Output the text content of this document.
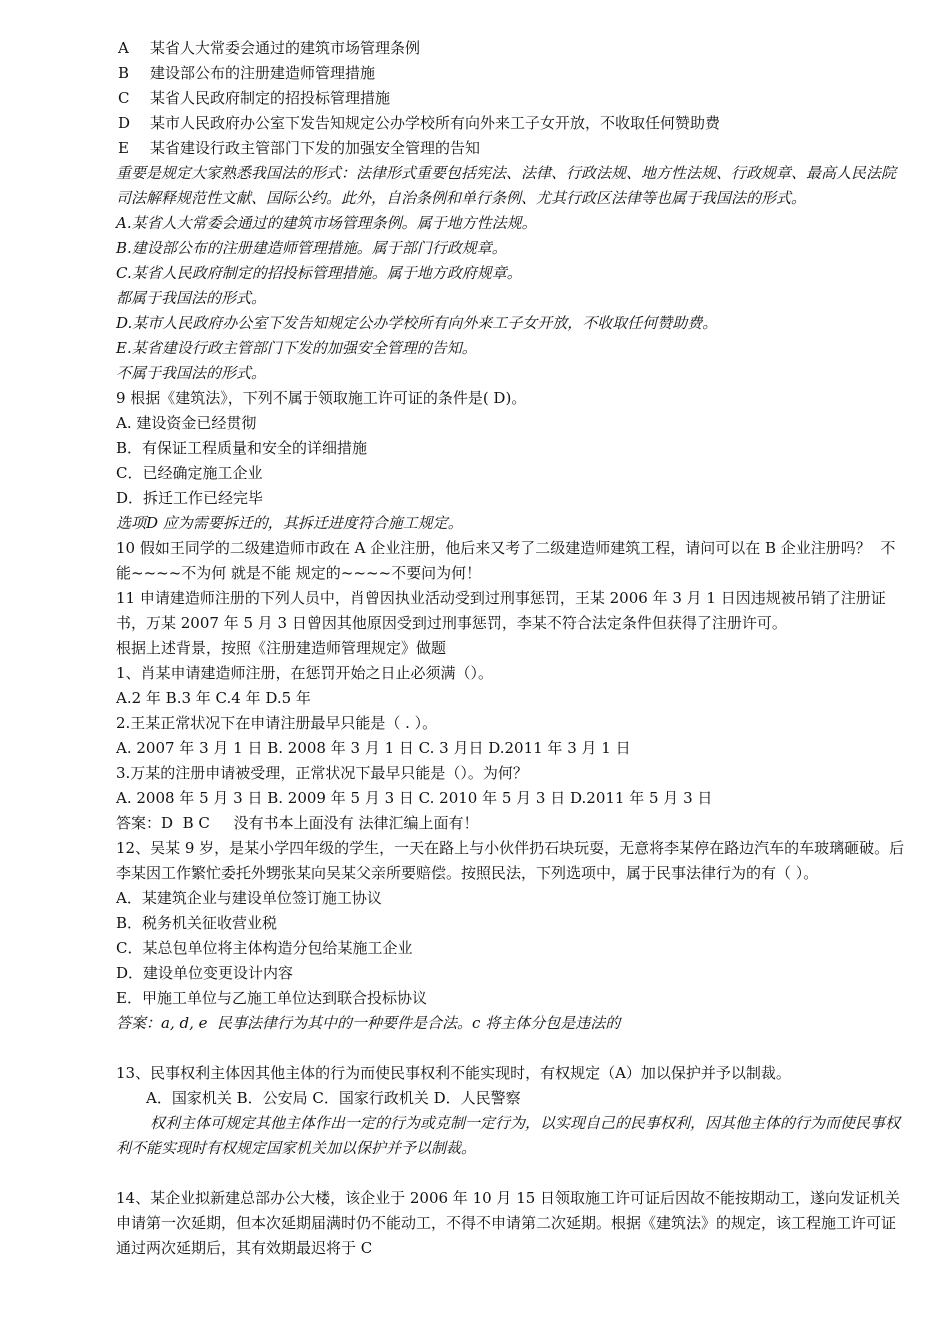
A	某省人大常委会通过的建筑市场管理条例
B	建设部公布的注册建造师管理措施
C	某省人民政府制定的招投标管理措施
D	某市人民政府办公室下发告知规定公办学校所有向外来工子女开放，不收取任何赞助费
E	某省建设行政主管部门下发的加强安全管理的告知

重要是规定大家熟悉我国法的形式：法律形式重要包括宪法、法律、行政法规、地方性法规、行政规章、最高人民法院司法解释规范性文献、国际公约。此外，自治条例和单行条例、尤其行政区法律等也属于我国法的形式。

A.某省人大常委会通过的建筑市场管理条例。属于地方性法规。

B.建设部公布的注册建造师管理措施。属于部门行政规章。

C.某省人民政府制定的招投标管理措施。属于地方政府规章。

都属于我国法的形式。

D.某市人民政府办公室下发告知规定公办学校所有向外来工子女开放，不收取任何赞助费。

E.某省建设行政主管部门下发的加强安全管理的告知。

不属于我国法的形式。

9 根据《建筑法》，下列不属于领取施工许可证的条件是( D)。

A. 建设资金已经贯彻

B．有保证工程质量和安全的详细措施

C．已经确定施工企业

D．拆迁工作已经完毕

选项D 应为需要拆迁的，其拆迁进度符合施工规定。

10 假如王同学的二级建造师市政在 A 企业注册，他后来又考了二级建造师建筑工程，请问可以在 B 企业注册吗？  不能~~~~不为何 就是不能 规定的~~~~不要问为何！

11 申请建造师注册的下列人员中，肖曾因执业活动受到过刑事惩罚，王某 2006 年 3 月 1 日因违规被吊销了注册证书，万某 2007 年 5 月 3 日曾因其他原因受到过刑事惩罚，李某不符合法定条件但获得了注册许可。

根据上述背景，按照《注册建造师管理规定》做题

1、肖某申请建造师注册，在惩罚开始之日止必须满（）。

A.2 年 B.3 年 C.4 年 D.5 年

2.王某正常状况下在申请注册最早只能是（ . ）。

A. 2007 年 3 月 1 日 B. 2008 年 3 月 1 日 C. 3 月日 D.2011 年 3 月 1 日

3.万某的注册申请被受理，正常状况下最早只能是（）。为何？

A. 2008 年 5 月 3 日 B. 2009 年 5 月 3 日 C. 2010 年 5 月 3 日 D.2011 年 5 月 3 日

答案：D  B C     没有书本上面没有 法律汇编上面有！

12、吴某 9 岁，是某小学四年级的学生，一天在路上与小伙伴扔石块玩耍，无意将李某停在路边汽车的车玻璃砸破。后李某因工作繁忙委托外甥张某向吴某父亲所要赔偿。按照民法，下列选项中，属于民事法律行为的有（ ）。

A．某建筑企业与建设单位签订施工协议

B．税务机关征收营业税

C．某总包单位将主体构造分包给某施工企业

D．建设单位变更设计内容

E．甲施工单位与乙施工单位达到联合投标协议

答案：a, d, e  民事法律行为其中的一种要件是合法。c 将主体分包是违法的

13、民事权利主体因其他主体的行为而使民事权利不能实现时，有权规定（A）加以保护并予以制裁。

A．国家机关 B．公安局 C．国家行政机关 D．人民警察

权利主体可规定其他主体作出一定的行为或克制一定行为，以实现自己的民事权利，因其他主体的行为而使民事权利不能实现时有权规定国家机关加以保护并予以制裁。

14、某企业拟新建总部办公大楼，该企业于 2006 年 10 月 15 日领取施工许可证后因故不能按期动工，遂向发证机关申请第一次延期，但本次延期届满时仍不能动工，不得不申请第二次延期。根据《建筑法》的规定，该工程施工许可证通过两次延期后，其有效期最迟将于 C
